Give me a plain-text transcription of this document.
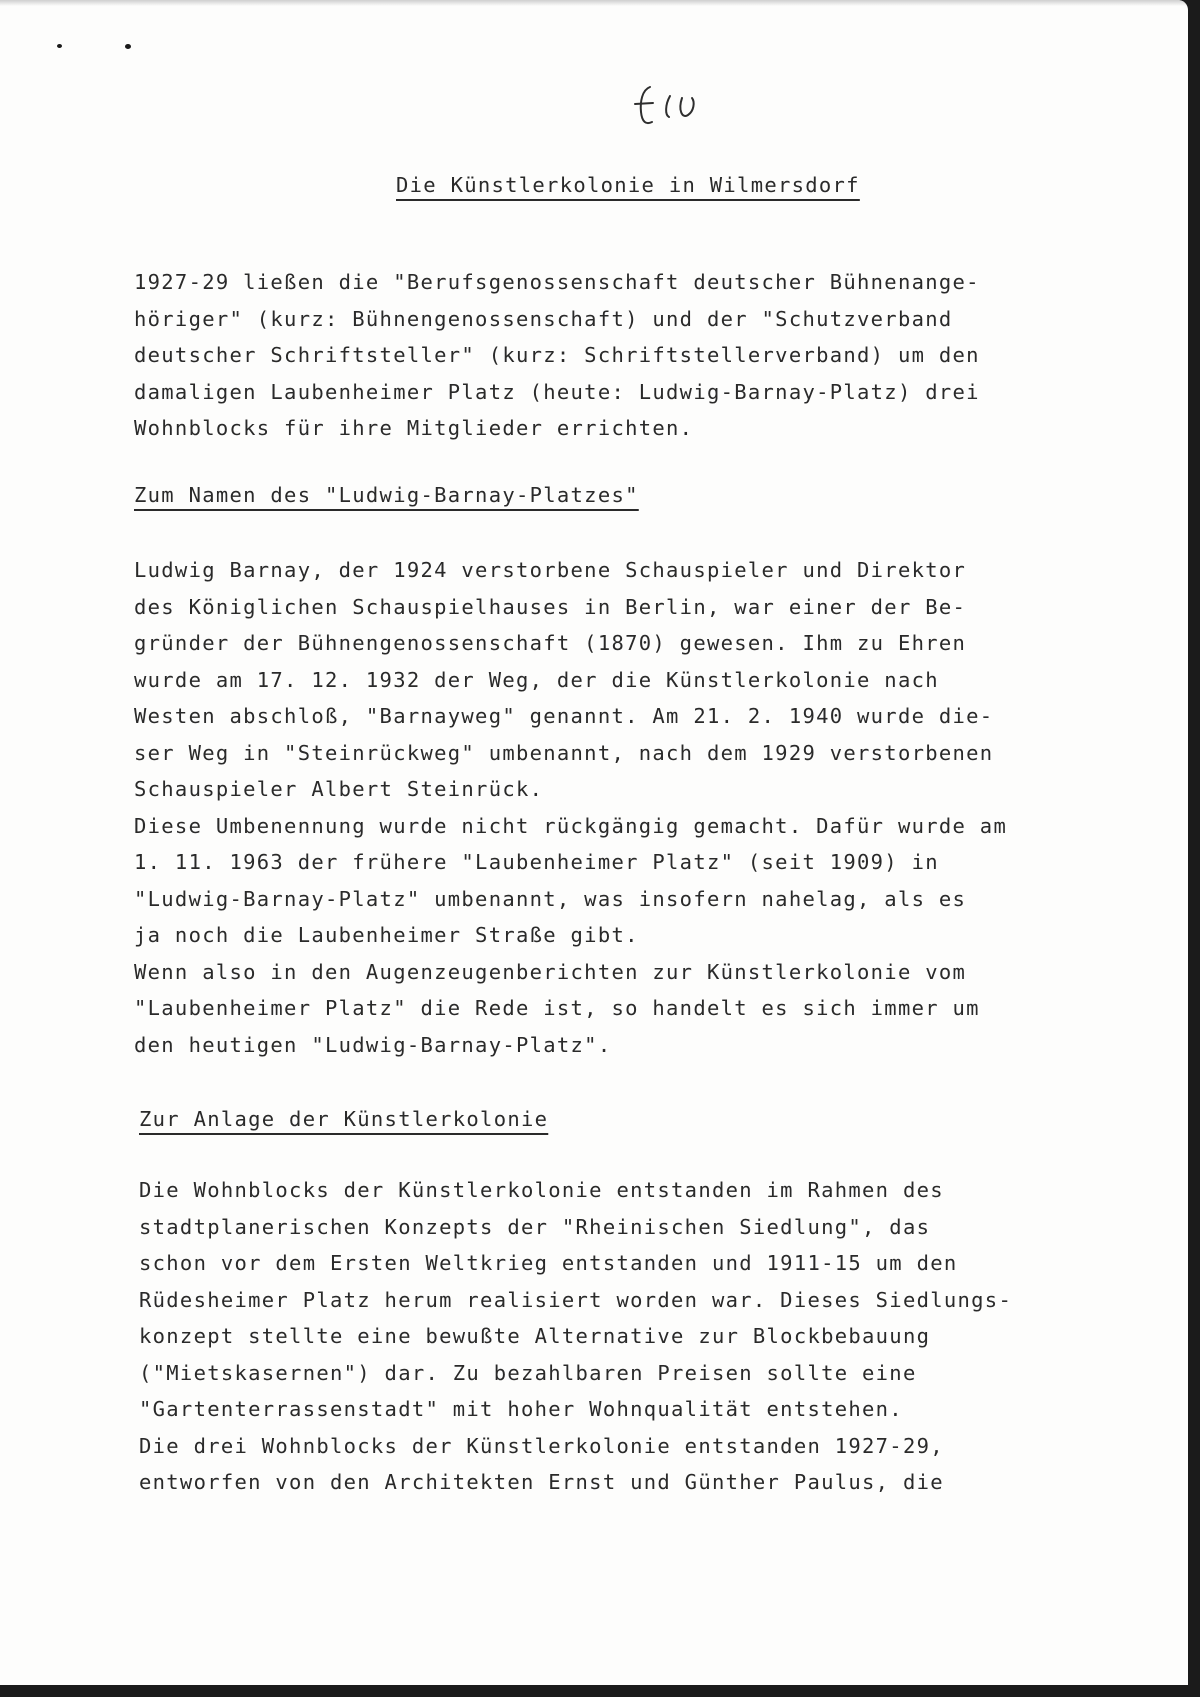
Die Künstlerkolonie in Wilmersdorf

1927-29 ließen die "Berufsgenossenschaft deutscher Bühnenange-
höriger" (kurz: Bühnengenossenschaft) und der "Schutzverband
deutscher Schriftsteller" (kurz: Schriftstellerverband) um den
damaligen Laubenheimer Platz (heute: Ludwig-Barnay-Platz) drei
Wohnblocks für ihre Mitglieder errichten.

Zum Namen des "Ludwig-Barnay-Platzes"

Ludwig Barnay, der 1924 verstorbene Schauspieler und Direktor
des Königlichen Schauspielhauses in Berlin, war einer der Be-
gründer der Bühnengenossenschaft (1870) gewesen. Ihm zu Ehren
wurde am 17. 12. 1932 der Weg, der die Künstlerkolonie nach
Westen abschloß, "Barnayweg" genannt. Am 21. 2. 1940 wurde die-
ser Weg in "Steinrückweg" umbenannt, nach dem 1929 verstorbenen
Schauspieler Albert Steinrück.
Diese Umbenennung wurde nicht rückgängig gemacht. Dafür wurde am
1. 11. 1963 der frühere "Laubenheimer Platz" (seit 1909) in
"Ludwig-Barnay-Platz" umbenannt, was insofern nahelag, als es
ja noch die Laubenheimer Straße gibt.
Wenn also in den Augenzeugenberichten zur Künstlerkolonie vom
"Laubenheimer Platz" die Rede ist, so handelt es sich immer um
den heutigen "Ludwig-Barnay-Platz".

Zur Anlage der Künstlerkolonie

Die Wohnblocks der Künstlerkolonie entstanden im Rahmen des
stadtplanerischen Konzepts der "Rheinischen Siedlung", das
schon vor dem Ersten Weltkrieg entstanden und 1911-15 um den
Rüdesheimer Platz herum realisiert worden war. Dieses Siedlungs-
konzept stellte eine bewußte Alternative zur Blockbebauung
("Mietskasernen") dar. Zu bezahlbaren Preisen sollte eine
"Gartenterrassenstadt" mit hoher Wohnqualität entstehen.
Die drei Wohnblocks der Künstlerkolonie entstanden 1927-29,
entworfen von den Architekten Ernst und Günther Paulus, die
